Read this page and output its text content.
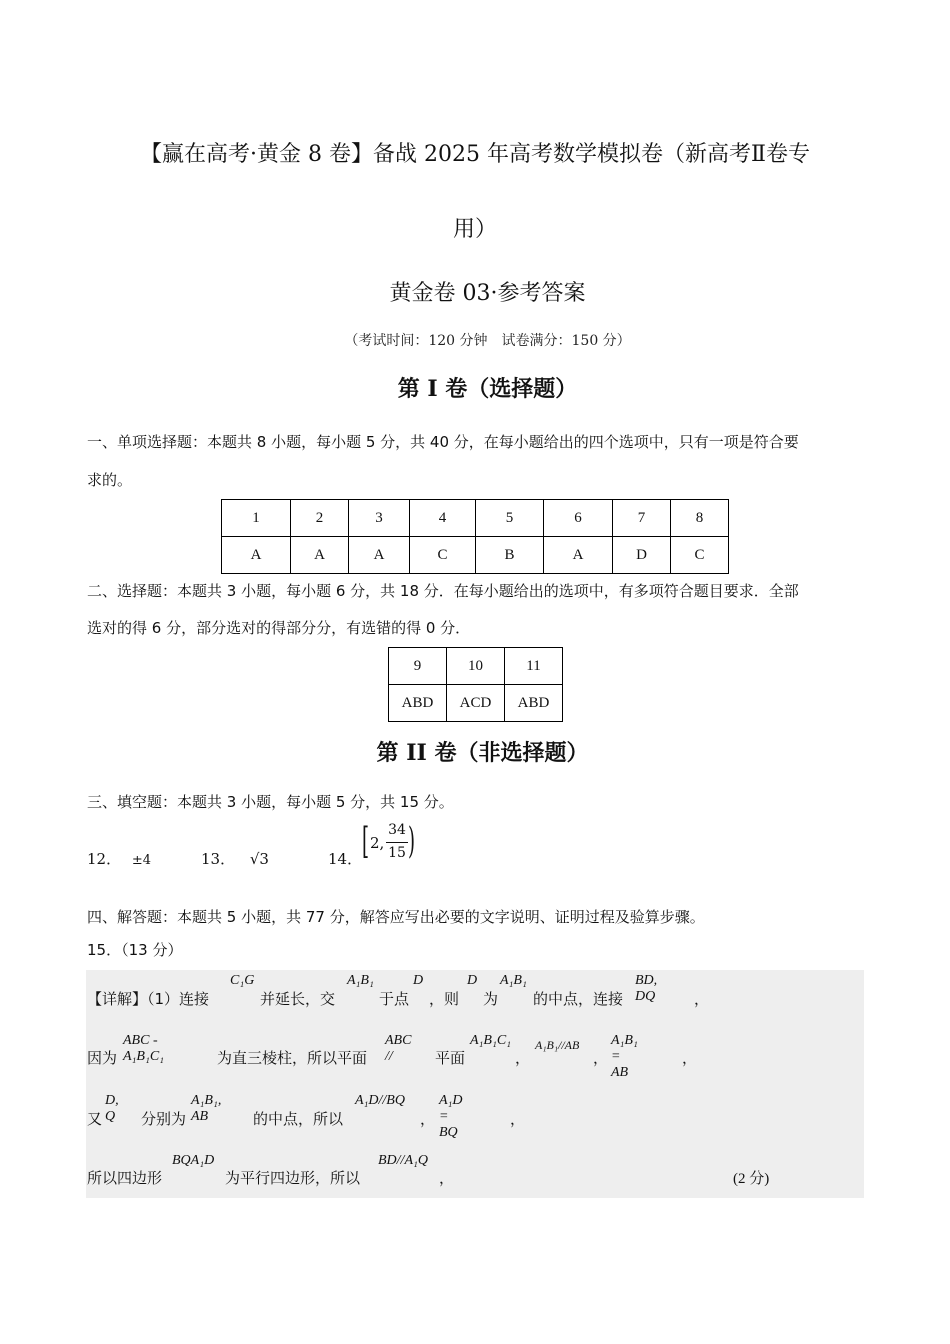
【赢在高考·黄金 8 卷】备战 2025 年高考数学模拟卷（新高考Ⅱ卷专
用）
黄金卷 03·参考答案
（考试时间：120 分钟　试卷满分：150 分）
第 I 卷（选择题）
一、单项选择题：本题共 8 小题，每小题 5 分，共 40 分，在每小题给出的四个选项中，只有一项是符合要
求的。
1	2	3	4	5	6	7	8
A	A	A	C	B	A	D	C
二、选择题：本题共 3 小题，每小题 6 分，共 18 分．在每小题给出的选项中，有多项符合题目要求．全部
选对的得 6 分，部分选对的得部分分，有选错的得 0 分．
9	10	11
ABD	ACD	ABD
第 II 卷（非选择题）
三、填空题：本题共 3 小题，每小题 5 分，共 15 分。
12． ±4	13． √3	14． [ 2,
34
15 )
四、解答题：本题共 5 小题，共 77 分，解答应写出必要的文字说明、证明过程及验算步骤。
15．（13 分）
【详解】（1）连接
C₁G
并延长，交
A₁B₁
于点
D
，则
D
为
A₁B₁
的中点，连接
BD, DQ	，
因为
ABC - A₁B₁C₁	为直三棱柱，所以平面
ABC //	平面
A₁B₁C₁
，
A₁B₁//AB
，
A₁B₁ = AB
，
又
D, Q 分别为
A₁B₁, AB	的中点，所以
A₁D//BQ
，
A₁D = BQ
，
所以四边形
BQA₁D
为平行四边形，所以
BD//A₁Q
，	(2 分)
